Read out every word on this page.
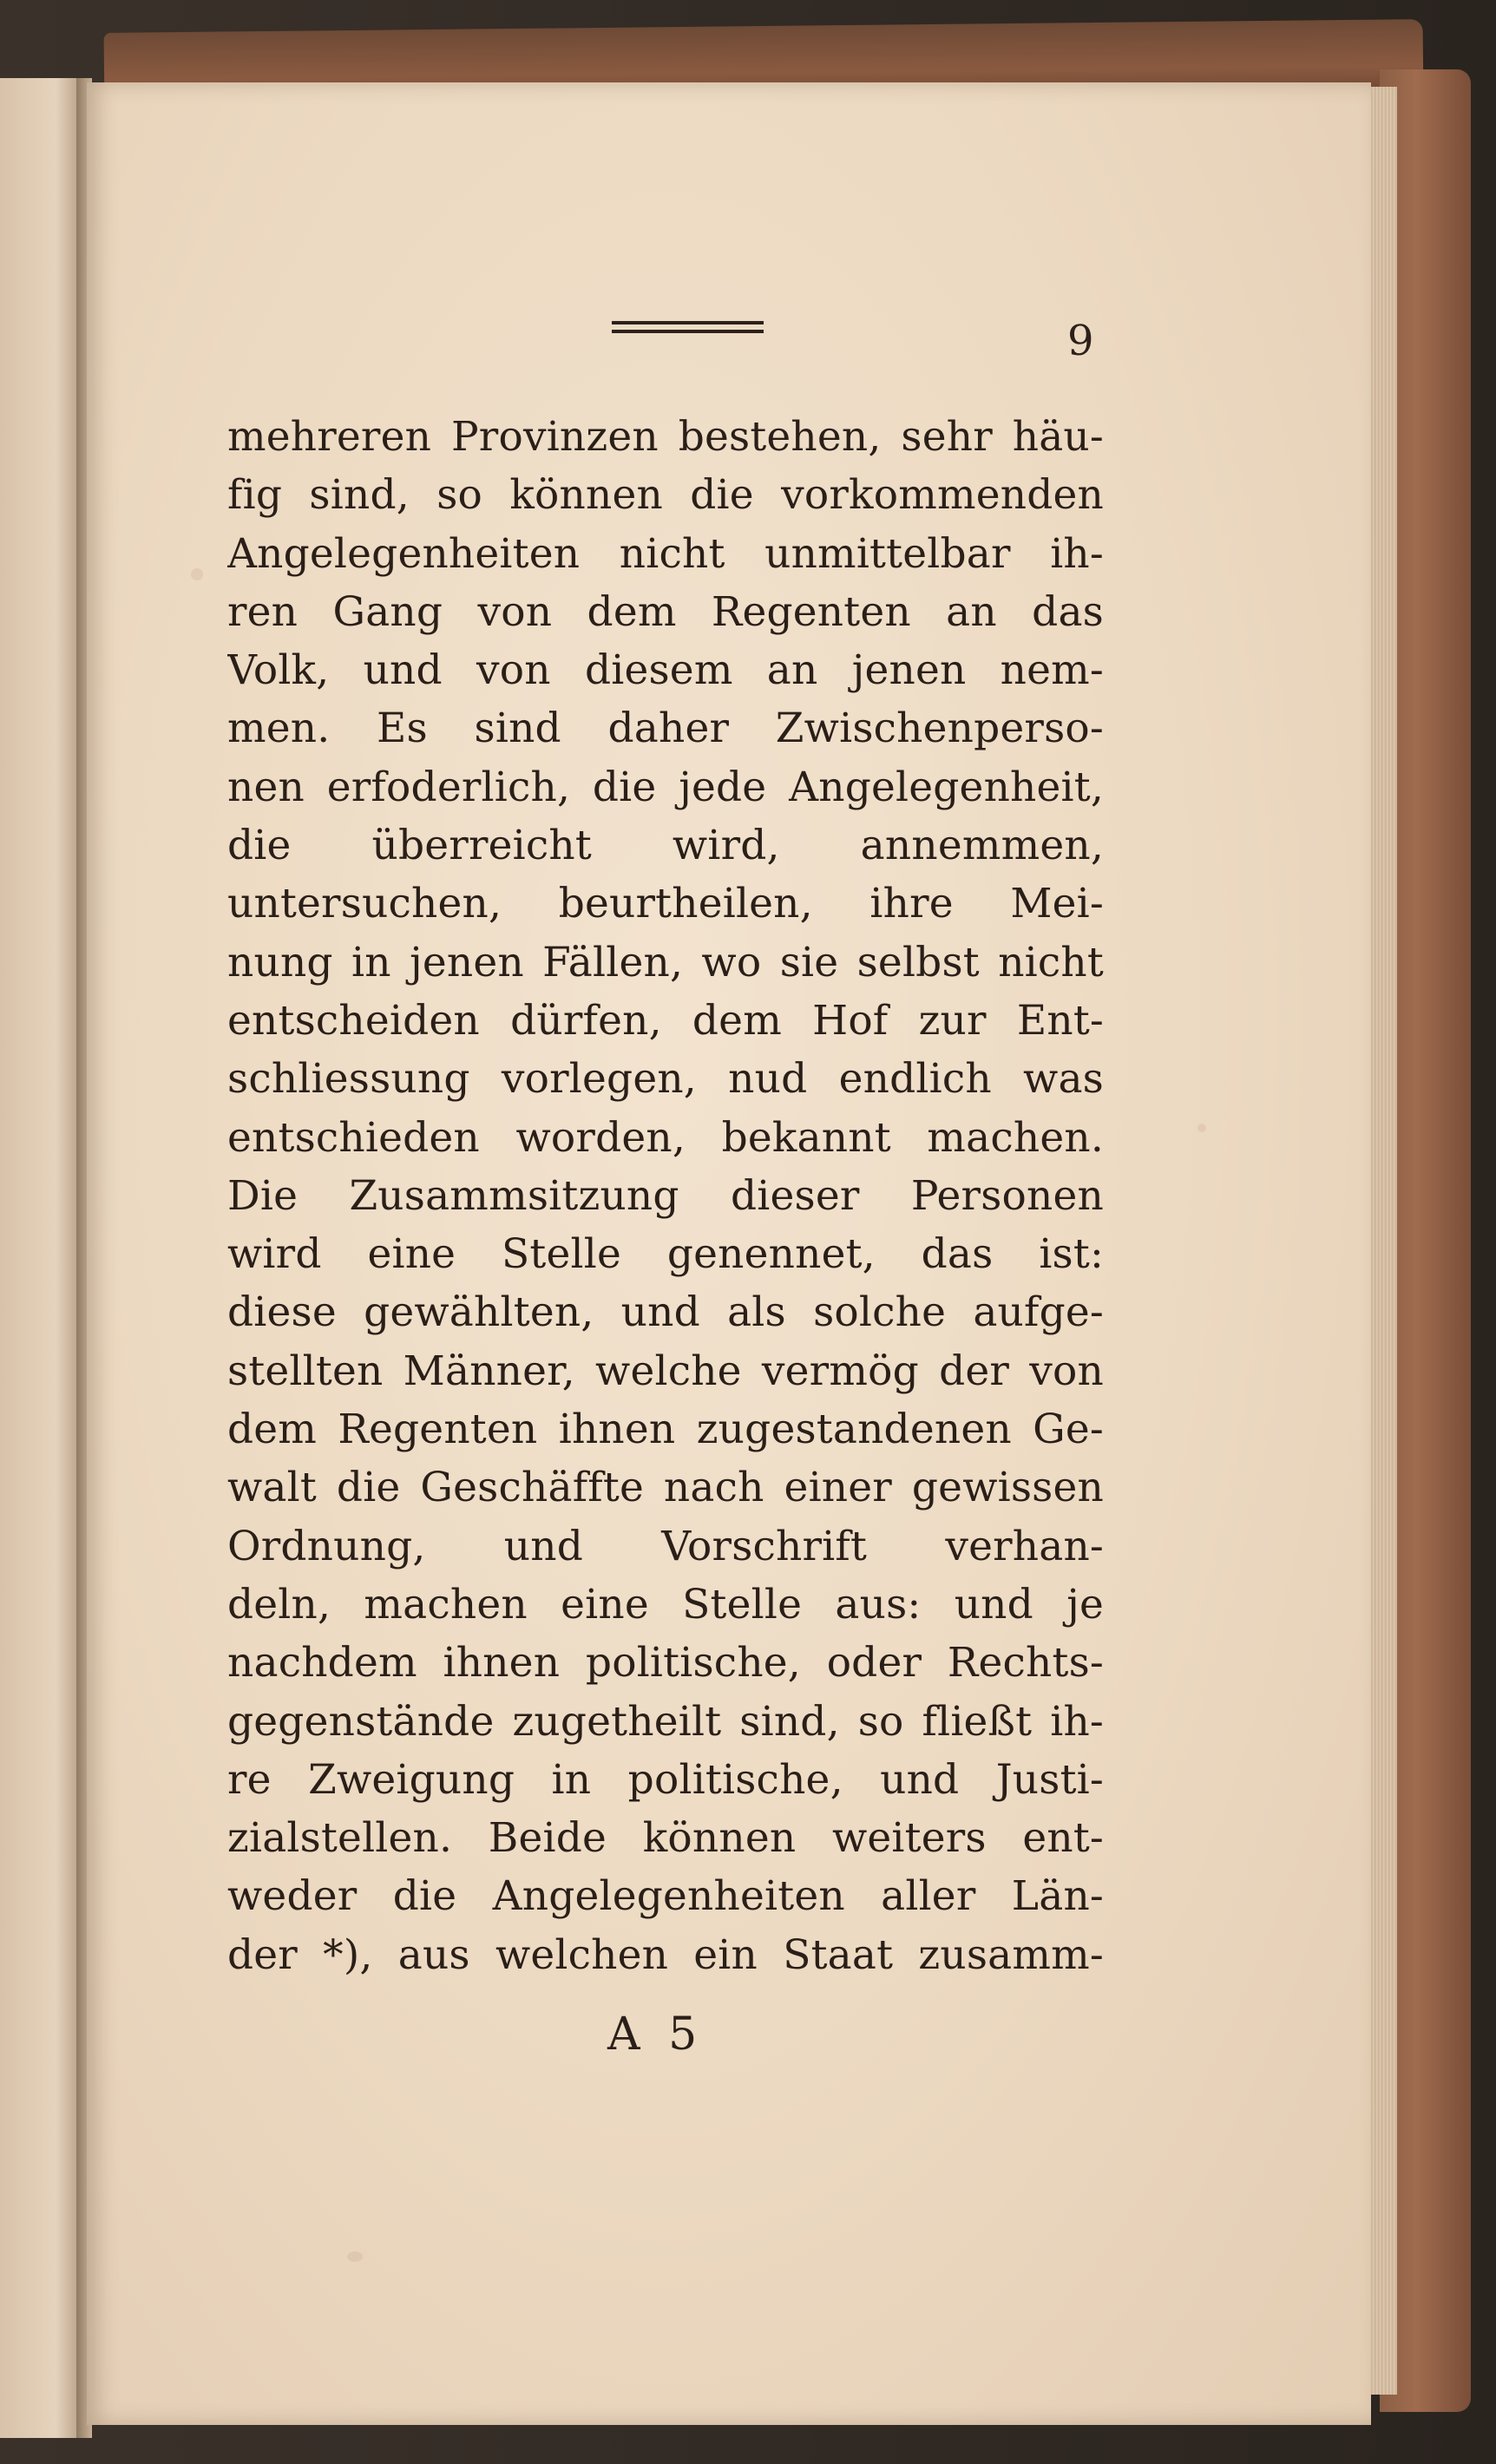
9
mehreren Provinzen bestehen, sehr häu-
fig sind, so können die vorkommenden
Angelegenheiten nicht unmittelbar ih-
ren Gang von dem Regenten an das
Volk, und von diesem an jenen nem-
men. Es sind daher Zwischenperso-
nen erfoderlich, die jede Angelegenheit,
die überreicht wird, annemmen,
untersuchen, beurtheilen, ihre Mei-
nung in jenen Fällen, wo sie selbst nicht
entscheiden dürfen, dem Hof zur Ent-
schliessung vorlegen, nud endlich was
entschieden worden, bekannt machen.
Die Zusammsitzung dieser Personen
wird eine Stelle genennet, das ist:
diese gewählten, und als solche aufge-
stellten Männer, welche vermög der von
dem Regenten ihnen zugestandenen Ge-
walt die Geschäffte nach einer gewissen
Ordnung, und Vorschrift verhan-
deln, machen eine Stelle aus: und je
nachdem ihnen politische, oder Rechts-
gegenstände zugetheilt sind, so fließt ih-
re Zweigung in politische, und Justi-
zialstellen. Beide können weiters ent-
weder die Angelegenheiten aller Län-
der *), aus welchen ein Staat zusamm-
A 5
